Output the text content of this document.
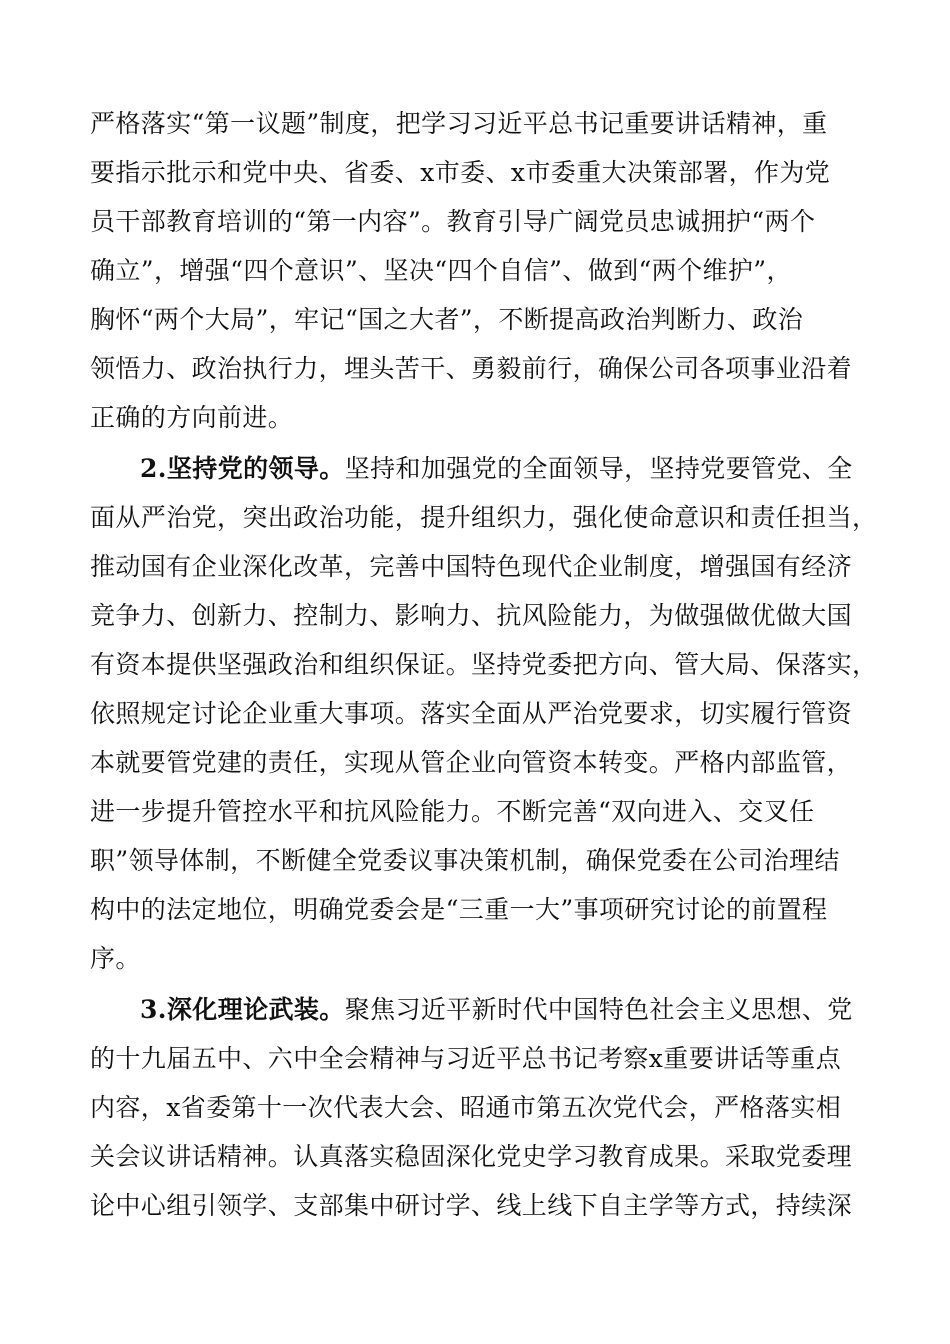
严格落实“第一议题”制度，把学习习近平总书记重要讲话精神，重
要指示批示和党中央、省委、x市委、x市委重大决策部署，作为党
员干部教育培训的“第一内容”。教育引导广阔党员忠诚拥护“两个
确立”，增强“四个意识”、坚决“四个自信”、做到“两个维护”，
胸怀“两个大局”，牢记“国之大者”，不断提高政治判断力、政治
领悟力、政治执行力，埋头苦干、勇毅前行，确保公司各项事业沿着
正确的方向前进。
2.坚持党的领导。坚持和加强党的全面领导，坚持党要管党、全
面从严治党，突出政治功能，提升组织力，强化使命意识和责任担当，
推动国有企业深化改革，完善中国特色现代企业制度，增强国有经济
竞争力、创新力、控制力、影响力、抗风险能力，为做强做优做大国
有资本提供坚强政治和组织保证。坚持党委把方向、管大局、保落实，
依照规定讨论企业重大事项。落实全面从严治党要求，切实履行管资
本就要管党建的责任，实现从管企业向管资本转变。严格内部监管，
进一步提升管控水平和抗风险能力。不断完善“双向进入、交叉任
职”领导体制，不断健全党委议事决策机制，确保党委在公司治理结
构中的法定地位，明确党委会是“三重一大”事项研究讨论的前置程
序。
3.深化理论武装。聚焦习近平新时代中国特色社会主义思想、党
的十九届五中、六中全会精神与习近平总书记考察x重要讲话等重点
内容，x省委第十一次代表大会、昭通市第五次党代会，严格落实相
关会议讲话精神。认真落实稳固深化党史学习教育成果。采取党委理
论中心组引领学、支部集中研讨学、线上线下自主学等方式，持续深
